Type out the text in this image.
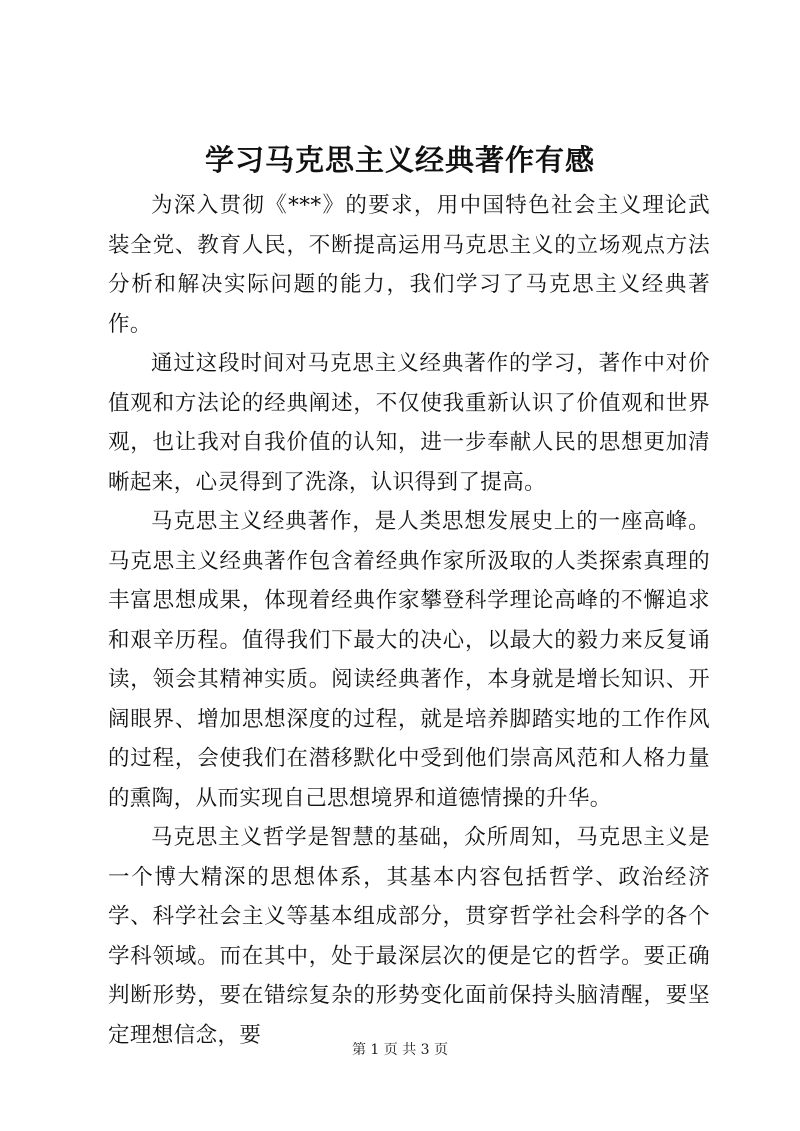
学习马克思主义经典著作有感

为深入贯彻《***》的要求，用中国特色社会主义理论武装全党、教育人民，不断提高运用马克思主义的立场观点方法分析和解决实际问题的能力，我们学习了马克思主义经典著作。

通过这段时间对马克思主义经典著作的学习，著作中对价值观和方法论的经典阐述，不仅使我重新认识了价值观和世界观，也让我对自我价值的认知，进一步奉献人民的思想更加清晰起来，心灵得到了洗涤，认识得到了提高。

马克思主义经典著作，是人类思想发展史上的一座高峰。马克思主义经典著作包含着经典作家所汲取的人类探索真理的丰富思想成果，体现着经典作家攀登科学理论高峰的不懈追求和艰辛历程。值得我们下最大的决心，以最大的毅力来反复诵读，领会其精神实质。阅读经典著作，本身就是增长知识、开阔眼界、增加思想深度的过程，就是培养脚踏实地的工作作风的过程，会使我们在潜移默化中受到他们崇高风范和人格力量的熏陶，从而实现自己思想境界和道德情操的升华。

马克思主义哲学是智慧的基础，众所周知，马克思主义是一个博大精深的思想体系，其基本内容包括哲学、政治经济学、科学社会主义等基本组成部分，贯穿哲学社会科学的各个学科领域。而在其中，处于最深层次的便是它的哲学。要正确判断形势，要在错综复杂的形势变化面前保持头脑清醒，要坚定理想信念，要

第 1 页 共 3 页
